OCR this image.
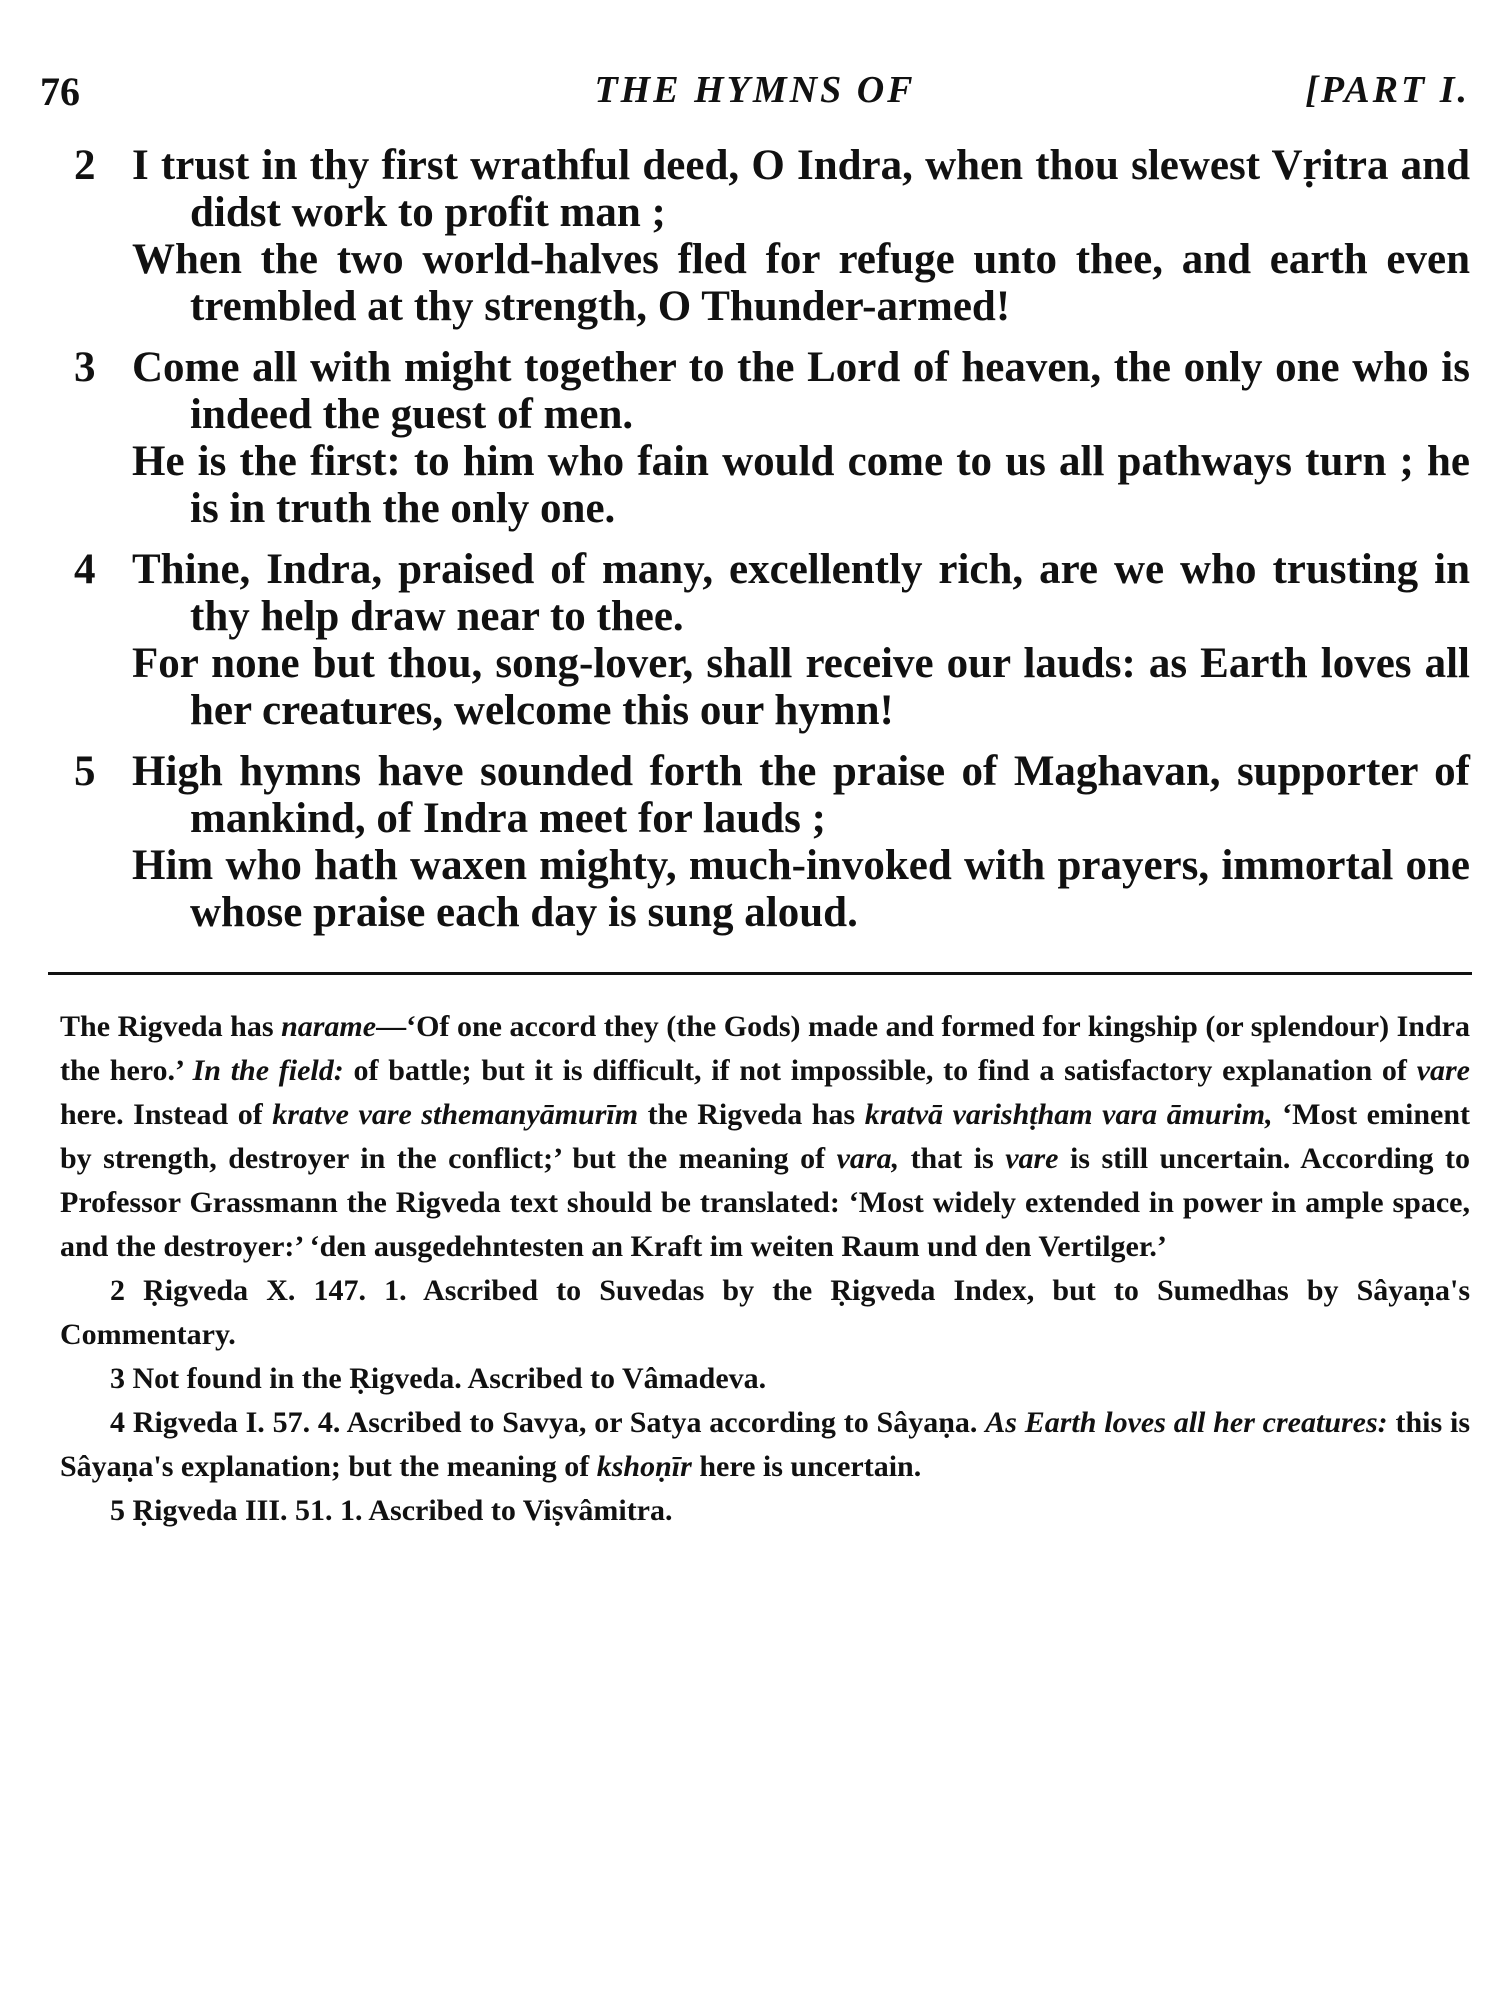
76	THE HYMNS OF	[PART I.
2 I trust in thy first wrathful deed, O Indra, when thou slewest Vṛitra and didst work to profit man ;
When the two world-halves fled for refuge unto thee, and earth even trembled at thy strength, O Thunder-armed!
3 Come all with might together to the Lord of heaven, the only one who is indeed the guest of men.
He is the first: to him who fain would come to us all pathways turn ; he is in truth the only one.
4 Thine, Indra, praised of many, excellently rich, are we who trusting in thy help draw near to thee.
For none but thou, song-lover, shall receive our lauds: as Earth loves all her creatures, welcome this our hymn!
5 High hymns have sounded forth the praise of Maghavan, supporter of mankind, of Indra meet for lauds ;
Him who hath waxen mighty, much-invoked with prayers, immortal one whose praise each day is sung aloud.

The Rigveda has narame—‘Of one accord they (the Gods) made and formed for kingship (or splendour) Indra the hero.’ In the field: of battle; but it is difficult, if not impossible, to find a satisfactory explanation of vare here. Instead of kratve vare sthemanyāmurīm the Rigveda has kratvā varishṭham vara āmurim, ‘Most eminent by strength, destroyer in the conflict;’ but the meaning of vara, that is vare is still uncertain. According to Professor Grassmann the Rigveda text should be translated: ‘Most widely extended in power in ample space, and the destroyer:’ ‘den ausgedehntesten an Kraft im weiten Raum und den Vertilger.’

2 Ṛigveda X. 147. 1. Ascribed to Suvedas by the Ṛigveda Index, but to Sumedhas by Sâyaṇa's Commentary.

3 Not found in the Ṛigveda. Ascribed to Vâmadeva.

4 Rigveda I. 57. 4. Ascribed to Savya, or Satya according to Sâyaṇa. As Earth loves all her creatures: this is Sâyaṇa's explanation; but the meaning of kshoṇīr here is uncertain.

5 Ṛigveda III. 51. 1. Ascribed to Viṣvâmitra.
